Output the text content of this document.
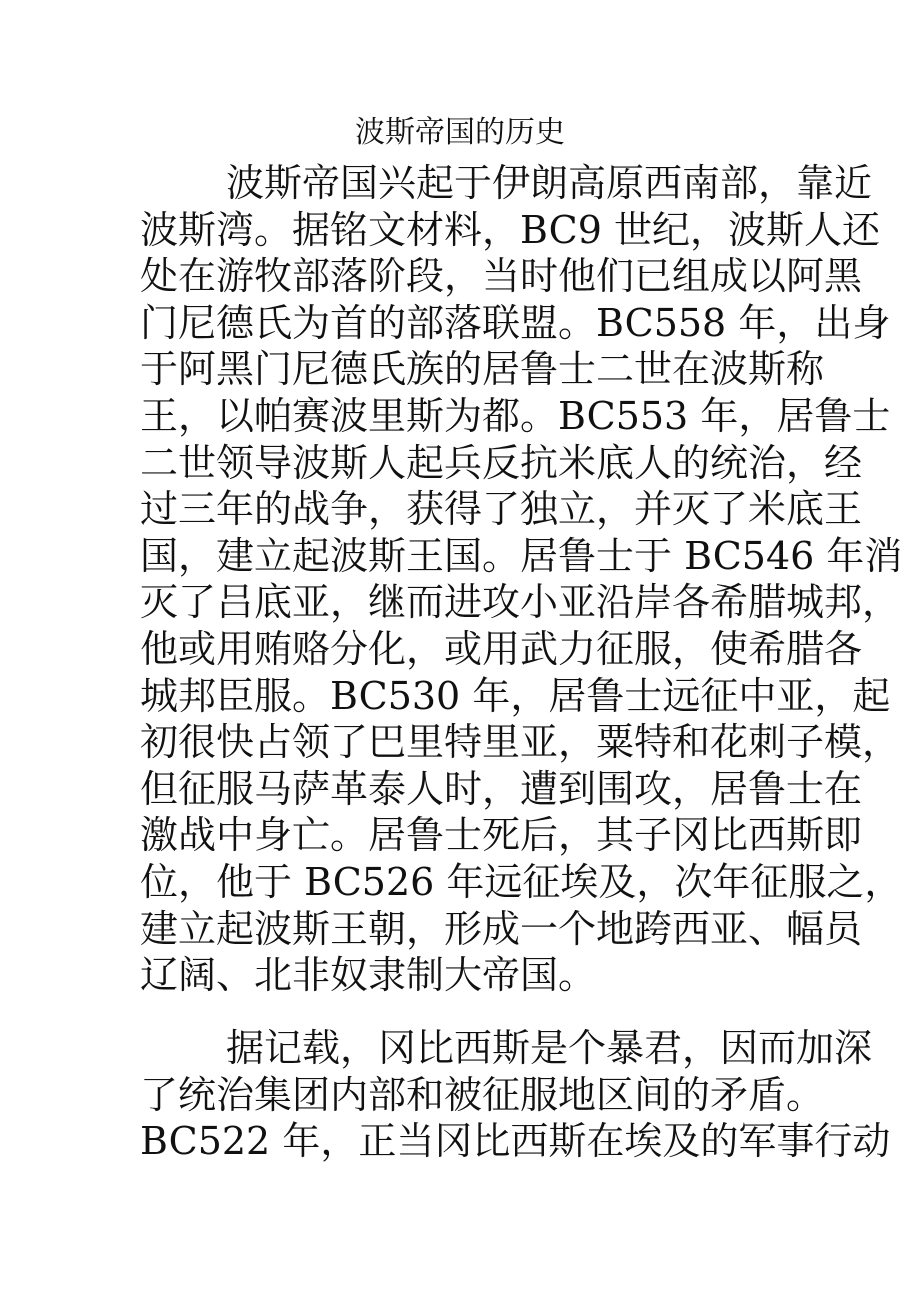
波斯帝国的历史
波斯帝国兴起于伊朗高原西南部，靠近
波斯湾。据铭文材料，BC9 世纪，波斯人还
处在游牧部落阶段，当时他们已组成以阿黑
门尼德氏为首的部落联盟。BC558 年，出身
于阿黑门尼德氏族的居鲁士二世在波斯称
王，以帕赛波里斯为都。BC553 年，居鲁士
二世领导波斯人起兵反抗米底人的统治，经
过三年的战争，获得了独立，并灭了米底王
国，建立起波斯王国。居鲁士于 BC546 年消
灭了吕底亚，继而进攻小亚沿岸各希腊城邦，
他或用贿赂分化，或用武力征服，使希腊各
城邦臣服。BC530 年，居鲁士远征中亚，起
初很快占领了巴里特里亚，粟特和花刺子模，
但征服马萨革泰人时，遭到围攻，居鲁士在
激战中身亡。居鲁士死后，其子冈比西斯即
位，他于 BC526 年远征埃及，次年征服之，
建立起波斯王朝，形成一个地跨西亚、幅员
辽阔、北非奴隶制大帝国。
据记载，冈比西斯是个暴君，因而加深
了统治集团内部和被征服地区间的矛盾。
BC522 年，正当冈比西斯在埃及的军事行动
